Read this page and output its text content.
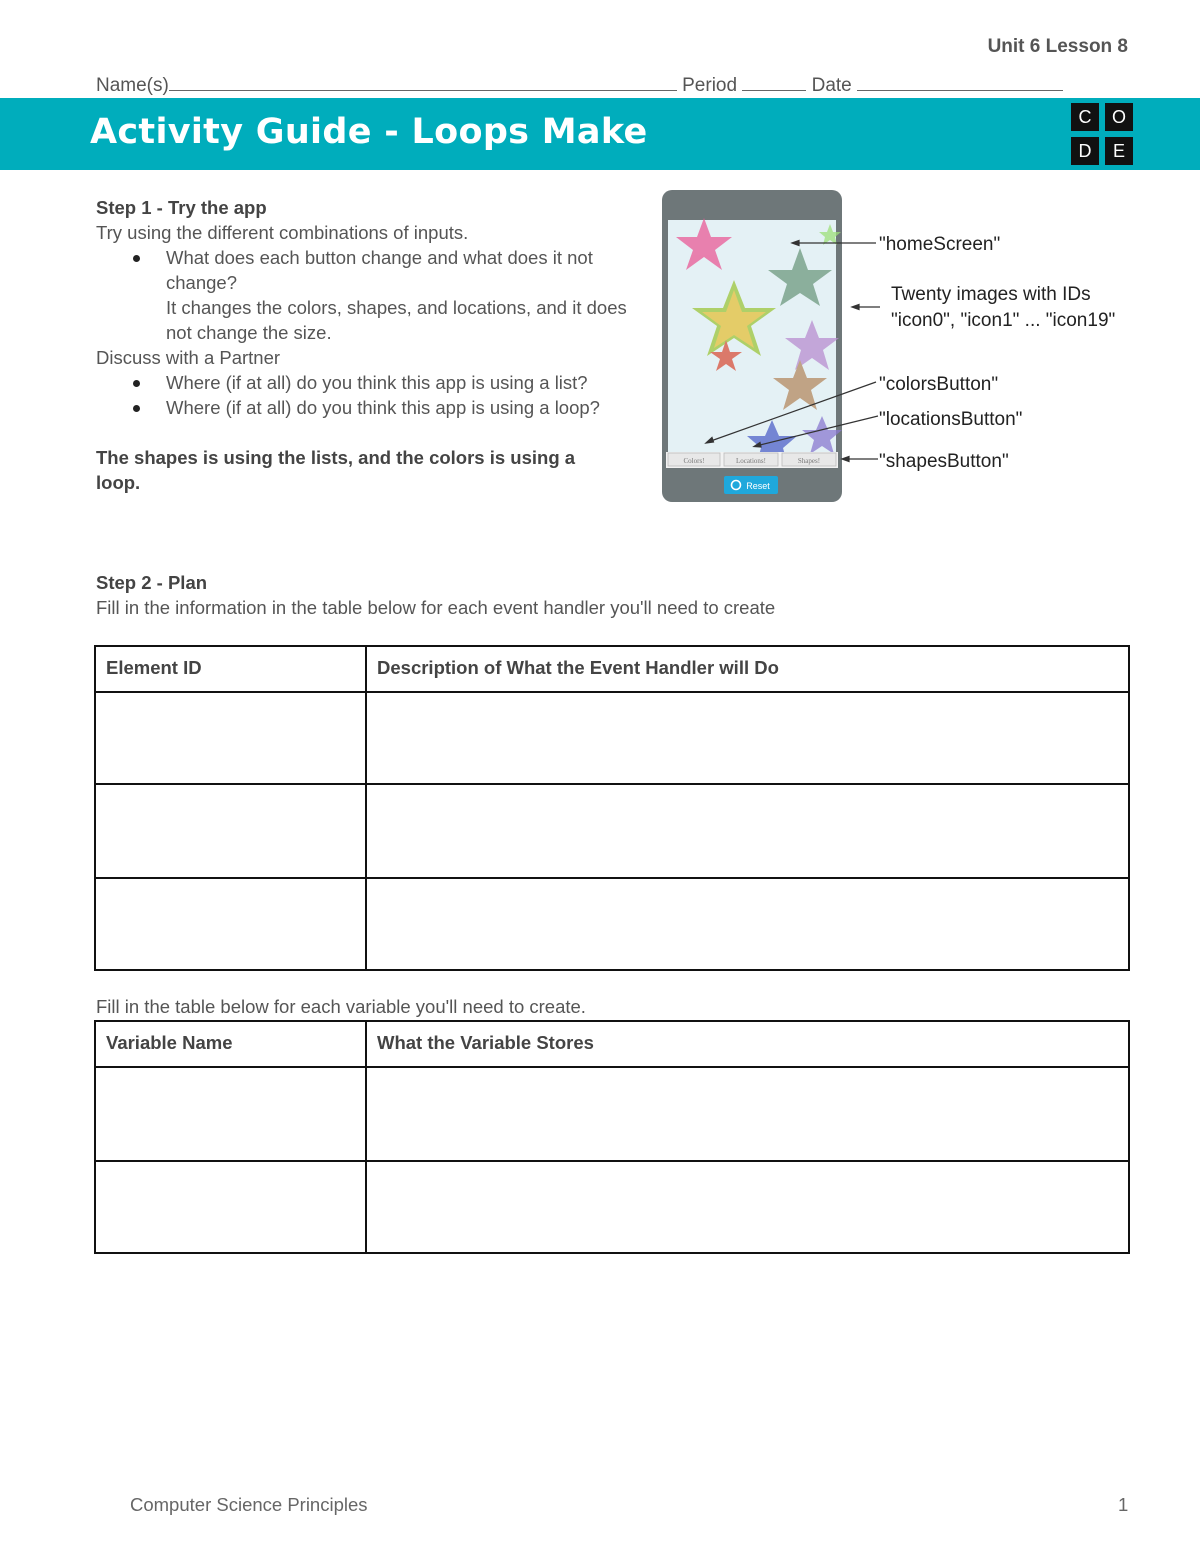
Unit 6 Lesson 8
Name(s)	Period	Date
Activity Guide - Loops Make	C	O
D	E
Step 1 - Try the app
Try using the different combinations of inputs.
What does each button change and what does it not change?
It changes the colors, shapes, and locations, and it does not change the size.
Discuss with a Partner
Where (if at all) do you think this app is using a list?
Where (if at all) do you think this app is using a loop?
The shapes is using the lists, and the colors is using a loop.
Colors!	Locations!	Shapes!
Reset
"homeScreen"
Twenty images with IDs
"icon0", "icon1" ... "icon19"
"colorsButton"
"locationsButton"
"shapesButton"
Step 2 - Plan
Fill in the information in the table below for each event handler you'll need to create
Element ID	Description of What the Event Handler will Do

Fill in the table below for each variable you'll need to create.
Variable Name	What the Variable Stores

Computer Science Principles	1
